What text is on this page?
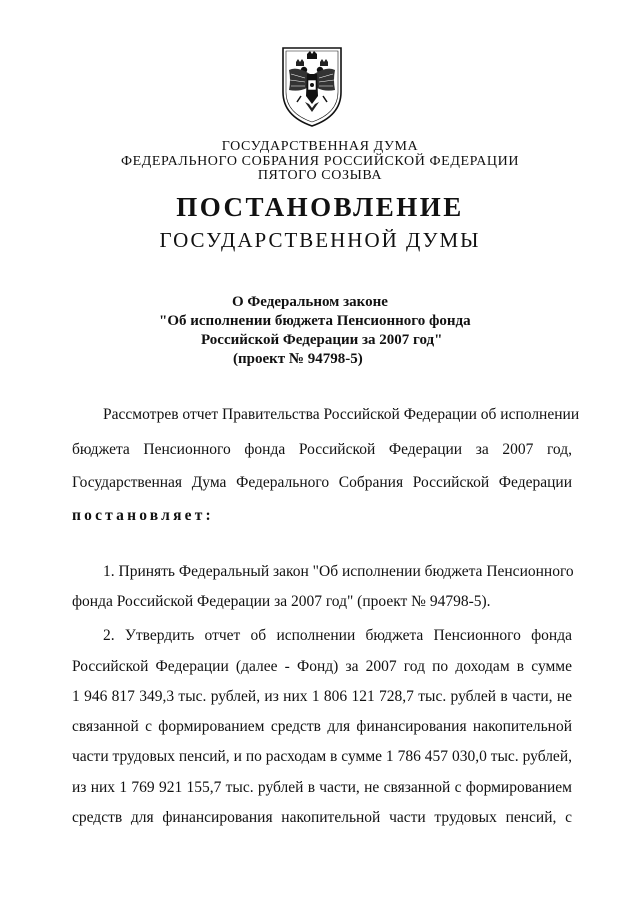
ГОСУДАРСТВЕННАЯ ДУМА
ФЕДЕРАЛЬНОГО СОБРАНИЯ РОССИЙСКОЙ ФЕДЕРАЦИИ
ПЯТОГО СОЗЫВА
ПОСТАНОВЛЕНИЕ
ГОСУДАРСТВЕННОЙ ДУМЫ
О Федеральном законе
"Об исполнении бюджета Пенсионного фонда
Российской Федерации за 2007 год"
(проект № 94798-5)
Рассмотрев отчет Правительства Российской Федерации об исполнении
бюджета Пенсионного фонда Российской Федерации за 2007 год,
Государственная Дума Федерального Собрания Российской Федерации
постановляет:
1. Принять Федеральный закон "Об исполнении бюджета Пенсионного
фонда Российской Федерации за 2007 год" (проект № 94798-5).
2. Утвердить отчет об исполнении бюджета Пенсионного фонда
Российской Федерации (далее - Фонд) за 2007 год по доходам в сумме
1 946 817 349,3 тыс. рублей, из них 1 806 121 728,7 тыс. рублей в части, не
связанной с формированием средств для финансирования накопительной
части трудовых пенсий, и по расходам в сумме 1 786 457 030,0 тыс. рублей,
из них 1 769 921 155,7 тыс. рублей в части, не связанной с формированием
средств для финансирования накопительной части трудовых пенсий, с
